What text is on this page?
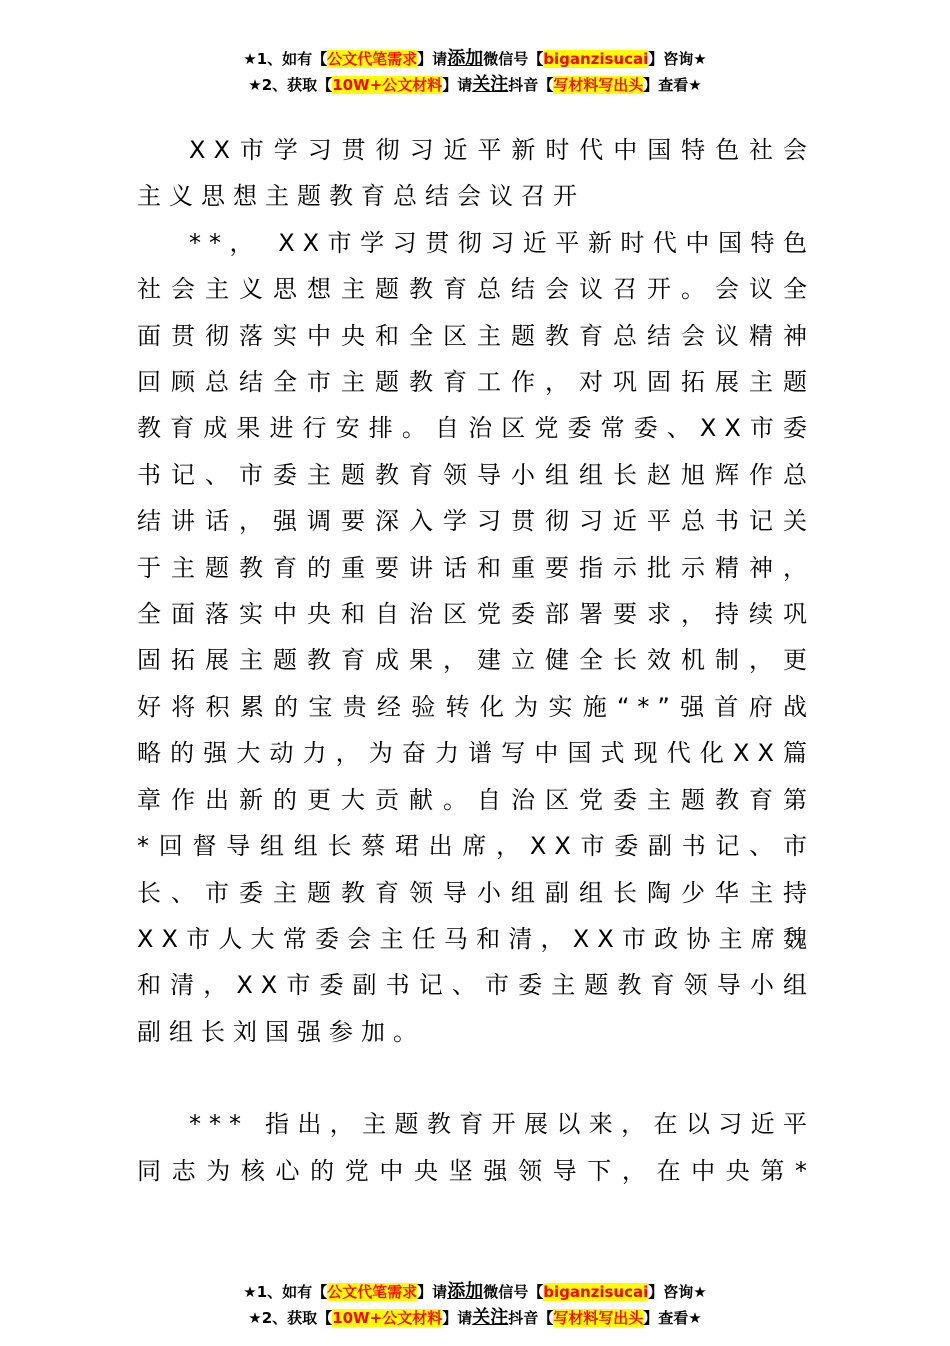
★1、如有【公文代笔需求】请添加微信号【biganzisucai】咨询★
★2、获取【10W+公文材料】请关注抖音【写材料写出头】查看★

XX市学习贯彻习近平新时代中国特色社会
主义思想主题教育总结会议召开

**， XX市学习贯彻习近平新时代中国特色
社会主义思想主题教育总结会议召开。会议全
面贯彻落实中央和全区主题教育总结会议精神
回顾总结全市主题教育工作，对巩固拓展主题
教育成果进行安排。自治区党委常委、XX市委
书记、市委主题教育领导小组组长赵旭辉作总
结讲话，强调要深入学习贯彻习近平总书记关
于主题教育的重要讲话和重要指示批示精神，
全面落实中央和自治区党委部署要求，持续巩
固拓展主题教育成果，建立健全长效机制，更
好将积累的宝贵经验转化为实施“*”强首府战
略的强大动力，为奋力谱写中国式现代化XX篇
章作出新的更大贡献。自治区党委主题教育第
*回督导组组长蔡珺出席，XX市委副书记、市
长、市委主题教育领导小组副组长陶少华主持
XX市人大常委会主任马和清，XX市政协主席魏
和清，XX市委副书记、市委主题教育领导小组
副组长刘国强参加。
*** 指出，主题教育开展以来，在以习近平
同志为核心的党中央坚强领导下，在中央第*
★1、如有【公文代笔需求】请添加微信号【biganzisucai】咨询★
★2、获取【10W+公文材料】请关注抖音【写材料写出头】查看★
